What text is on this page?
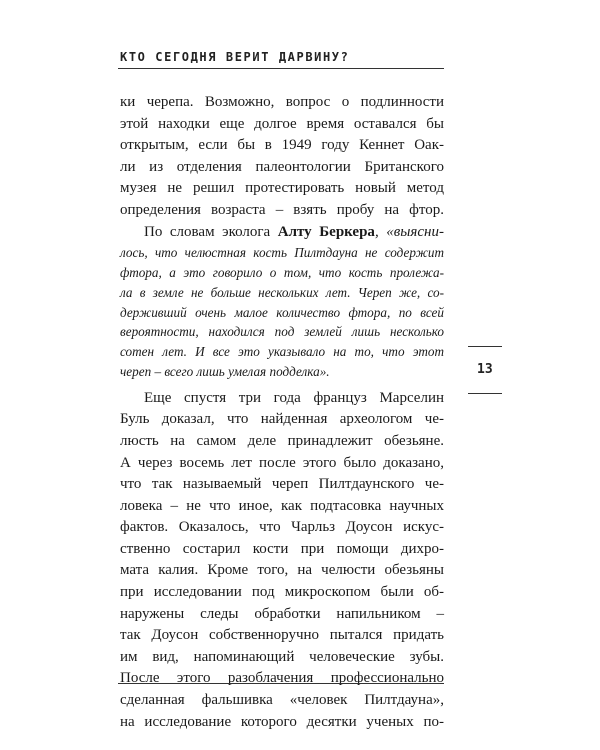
КТО СЕГОДНЯ ВЕРИТ ДАРВИНУ?
ки черепа. Возможно, вопрос о подлинности
этой находки еще долгое время оставался бы
открытым, если бы в 1949 году Кеннет Оак-
ли из отделения палеонтологии Британского
музея не решил протестировать новый метод
определения возраста – взять пробу на фтор.
По словам эколога Алту Беркера, «выясни-
лось, что челюстная кость Пилтдауна не содержит
фтора, а это говорило о том, что кость пролежа-
ла в земле не больше нескольких лет. Череп же, со-
держивший очень малое количество фтора, по всей
вероятности, находился под землей лишь несколько
сотен лет. И все это указывало на то, что этот
череп – всего лишь умелая подделка».
Еще спустя три года француз Марселин
Буль доказал, что найденная археологом че-
люсть на самом деле принадлежит обезьяне.
А через восемь лет после этого было доказано,
что так называемый череп Пилтдаунского че-
ловека – не что иное, как подтасовка научных
фактов. Оказалось, что Чарльз Доусон искус-
ственно состарил кости при помощи дихро-
мата калия. Кроме того, на челюсти обезьяны
при исследовании под микроскопом были об-
наружены следы обработки напильником –
так Доусон собственноручно пытался придать
им вид, напоминающий человеческие зубы.
После этого разоблачения профессионально
сделанная фальшивка «человек Пилтдауна»,
на исследование которого десятки ученых по-
13
